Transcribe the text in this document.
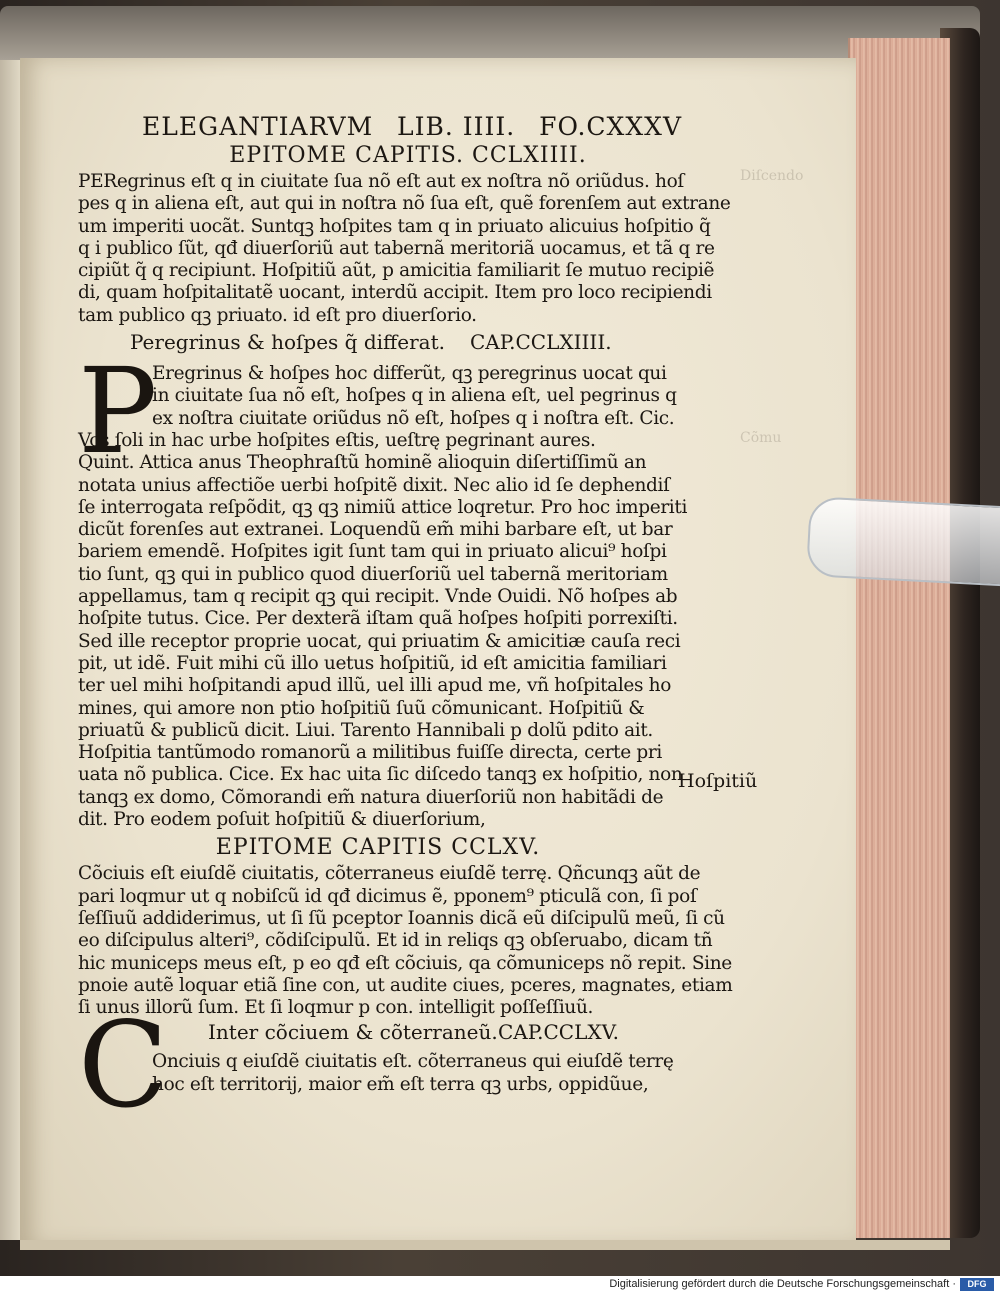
Diſcendo
Cõmu
ELEGANTIARVM LIB. IIII. FO.CXXXV
EPITOME CAPITIS. CCLXIIII.
PERegrinus eſt q in ciuitate ſua nõ eſt aut ex noſtra nõ oriũdus. hoſ
pes q in aliena eſt, aut qui in noſtra nõ ſua eſt, quẽ forenſem aut extrane
um imperiti uocãt. Suntqꝫ hoſpites tam q in priuato alicuius hoſpitio q̃
q i publico ſũt, qđ diuerſoriũ aut tabernã meritoriã uocamus, et tã q re
cipiũt q̃ q recipiunt. Hoſpitiũ aũt, p amicitia familiarit ſe mutuo recipiẽ
di, quam hoſpitalitatẽ uocant, interdũ accipit. Item pro loco recipiendi
tam publico qꝫ priuato. id eſt pro diuerſorio.
Peregrinus & hoſpes q̃ differat.	CAP.CCLXIIII.
P
Eregrinus & hoſpes hoc differũt, qꝫ peregrinus uocat qui
in ciuitate ſua nõ eſt, hoſpes q in aliena eſt, uel pegrinus q
ex noſtra ciuitate oriũdus nõ eſt, hoſpes q i noſtra eſt. Cic.
Vos ſoli in hac urbe hoſpites eſtis, ueſtrę pegrinant aures.
Quint. Attica anus Theophraſtũ hominẽ alioquin diſertiſſimũ an
notata unius affectiõe uerbi hoſpitẽ dixit. Nec alio id ſe dephendiſ
ſe interrogata reſpõdit, qꝫ qꝫ nimiũ attice loqretur. Pro hoc imperiti
dicũt forenſes aut extranei. Loquendũ em̃ mihi barbare eſt, ut bar
bariem emendẽ. Hoſpites igit ſunt tam qui in priuato alicui⁹ hoſpi
tio ſunt, qꝫ qui in publico quod diuerſoriũ uel tabernã meritoriam
appellamus, tam q recipit qꝫ qui recipit. Vnde Ouidi. Nõ hoſpes ab
hoſpite tutus. Cice. Per dexterã iſtam quã hoſpes hoſpiti porrexiſti.
Sed ille receptor proprie uocat, qui priuatim & amicitiæ cauſa reci
pit, ut idẽ. Fuit mihi cũ illo uetus hoſpitiũ, id eſt amicitia familiari
ter uel mihi hoſpitandi apud illũ, uel illi apud me, vñ hoſpitales ho
mines, qui amore non ptio hoſpitiũ ſuũ cõmunicant. Hoſpitiũ &
priuatũ & publicũ dicit. Liui. Tarento Hannibali p dolũ pdito ait.
Hoſpitia tantũmodo romanorũ a militibus fuiſſe directa, certe pri
uata nõ publica. Cice. Ex hac uita ſic diſcedo tanqꝫ ex hoſpitio, non
tanqꝫ ex domo, Cõmorandi em̃ natura diuerſoriũ non habitãdi de
dit. Pro eodem poſuit hoſpitiũ & diuerſorium,
EPITOME CAPITIS CCLXV.
Cõciuis eſt eiuſdẽ ciuitatis, cõterraneus eiuſdẽ terrę. Qñcunqꝫ aũt de
pari loqmur ut q nobiſcũ id qđ dicimus ẽ, pponem⁹ pticulã con, ſi poſ
ſeſſiuũ addiderimus, ut ſi ſũ pceptor Ioannis dicã eũ diſcipulũ meũ, ſi cũ
eo diſcipulus alteri⁹, cõdiſcipulũ. Et id in reliqs qꝫ obſeruabo, dicam tñ
hic municeps meus eſt, p eo qđ eſt cõciuis, qa cõmuniceps nõ repit. Sine
pnoie autẽ loquar etiã ſine con, ut audite ciues, pceres, magnates, etiam
ſi unus illorũ ſum. Et ſi loqmur p con. intelligit poſſeſſiuũ.
Inter cõciuem & cõterraneũ. CAP.CCLXV.
C
Onciuis q eiuſdẽ ciuitatis eſt. cõterraneus qui eiuſdẽ terrę
hoc eſt territorij, maior em̃ eſt terra qꝫ urbs, oppidũue,
Hoſpitiũ
Digitalisierung gefördert durch die Deutsche Forschungsgemeinschaft ·	DFG
